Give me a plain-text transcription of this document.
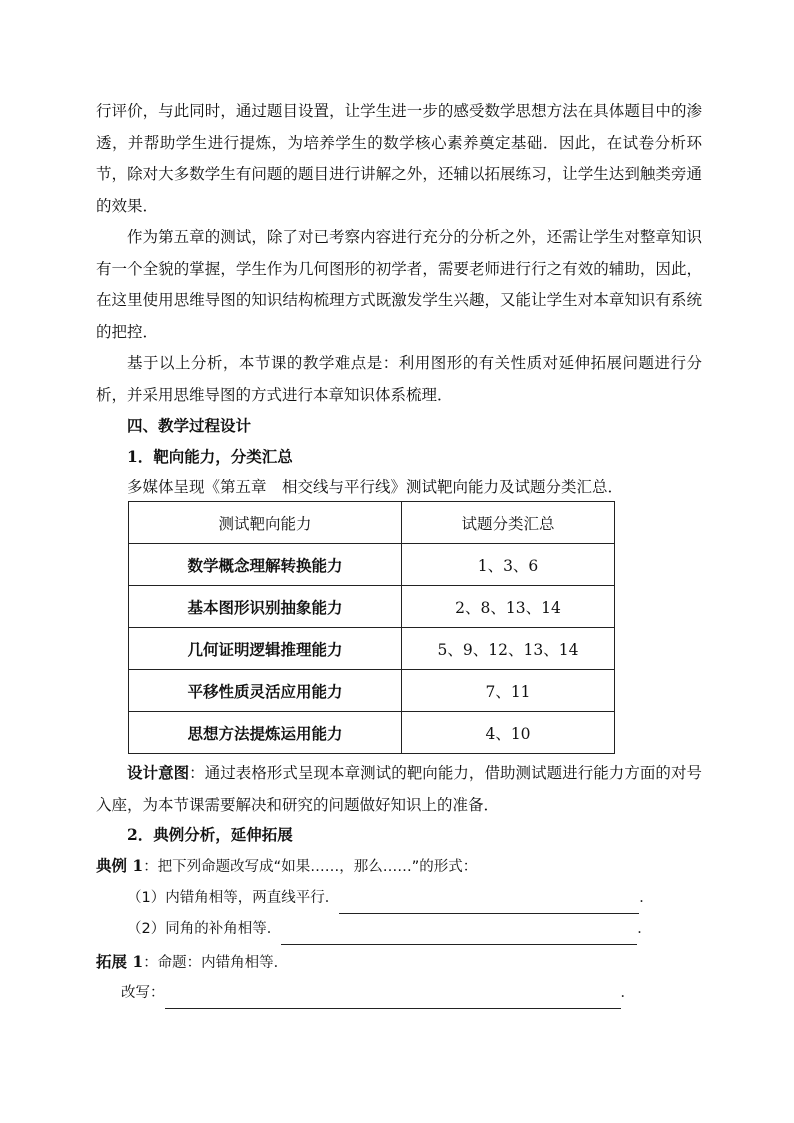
行评价，与此同时，通过题目设置，让学生进一步的感受数学思想方法在具体题目中的渗透，并帮助学生进行提炼，为培养学生的数学核心素养奠定基础．因此，在试卷分析环节，除对大多数学生有问题的题目进行讲解之外，还辅以拓展练习，让学生达到触类旁通的效果．
作为第五章的测试，除了对已考察内容进行充分的分析之外，还需让学生对整章知识有一个全貌的掌握，学生作为几何图形的初学者，需要老师进行行之有效的辅助，因此，在这里使用思维导图的知识结构梳理方式既激发学生兴趣，又能让学生对本章知识有系统的把控．
基于以上分析，本节课的教学难点是：利用图形的有关性质对延伸拓展问题进行分析，并采用思维导图的方式进行本章知识体系梳理．
四、教学过程设计
1．靶向能力，分类汇总
多媒体呈现《第五章　相交线与平行线》测试靶向能力及试题分类汇总．
测试靶向能力	试题分类汇总
数学概念理解转换能力	1、3、6
基本图形识别抽象能力	2、8、13、14
几何证明逻辑推理能力	5、9、12、13、14
平移性质灵活应用能力	7、11
思想方法提炼运用能力	4、10
设计意图：通过表格形式呈现本章测试的靶向能力，借助测试题进行能力方面的对号入座，为本节课需要解决和研究的问题做好知识上的准备．
2．典例分析，延伸拓展
典例 1：把下列命题改写成“如果……，那么……”的形式：
（1）内错角相等，两直线平行．	．
（2）同角的补角相等．	．
拓展 1：命题：内错角相等．
改写：	．
